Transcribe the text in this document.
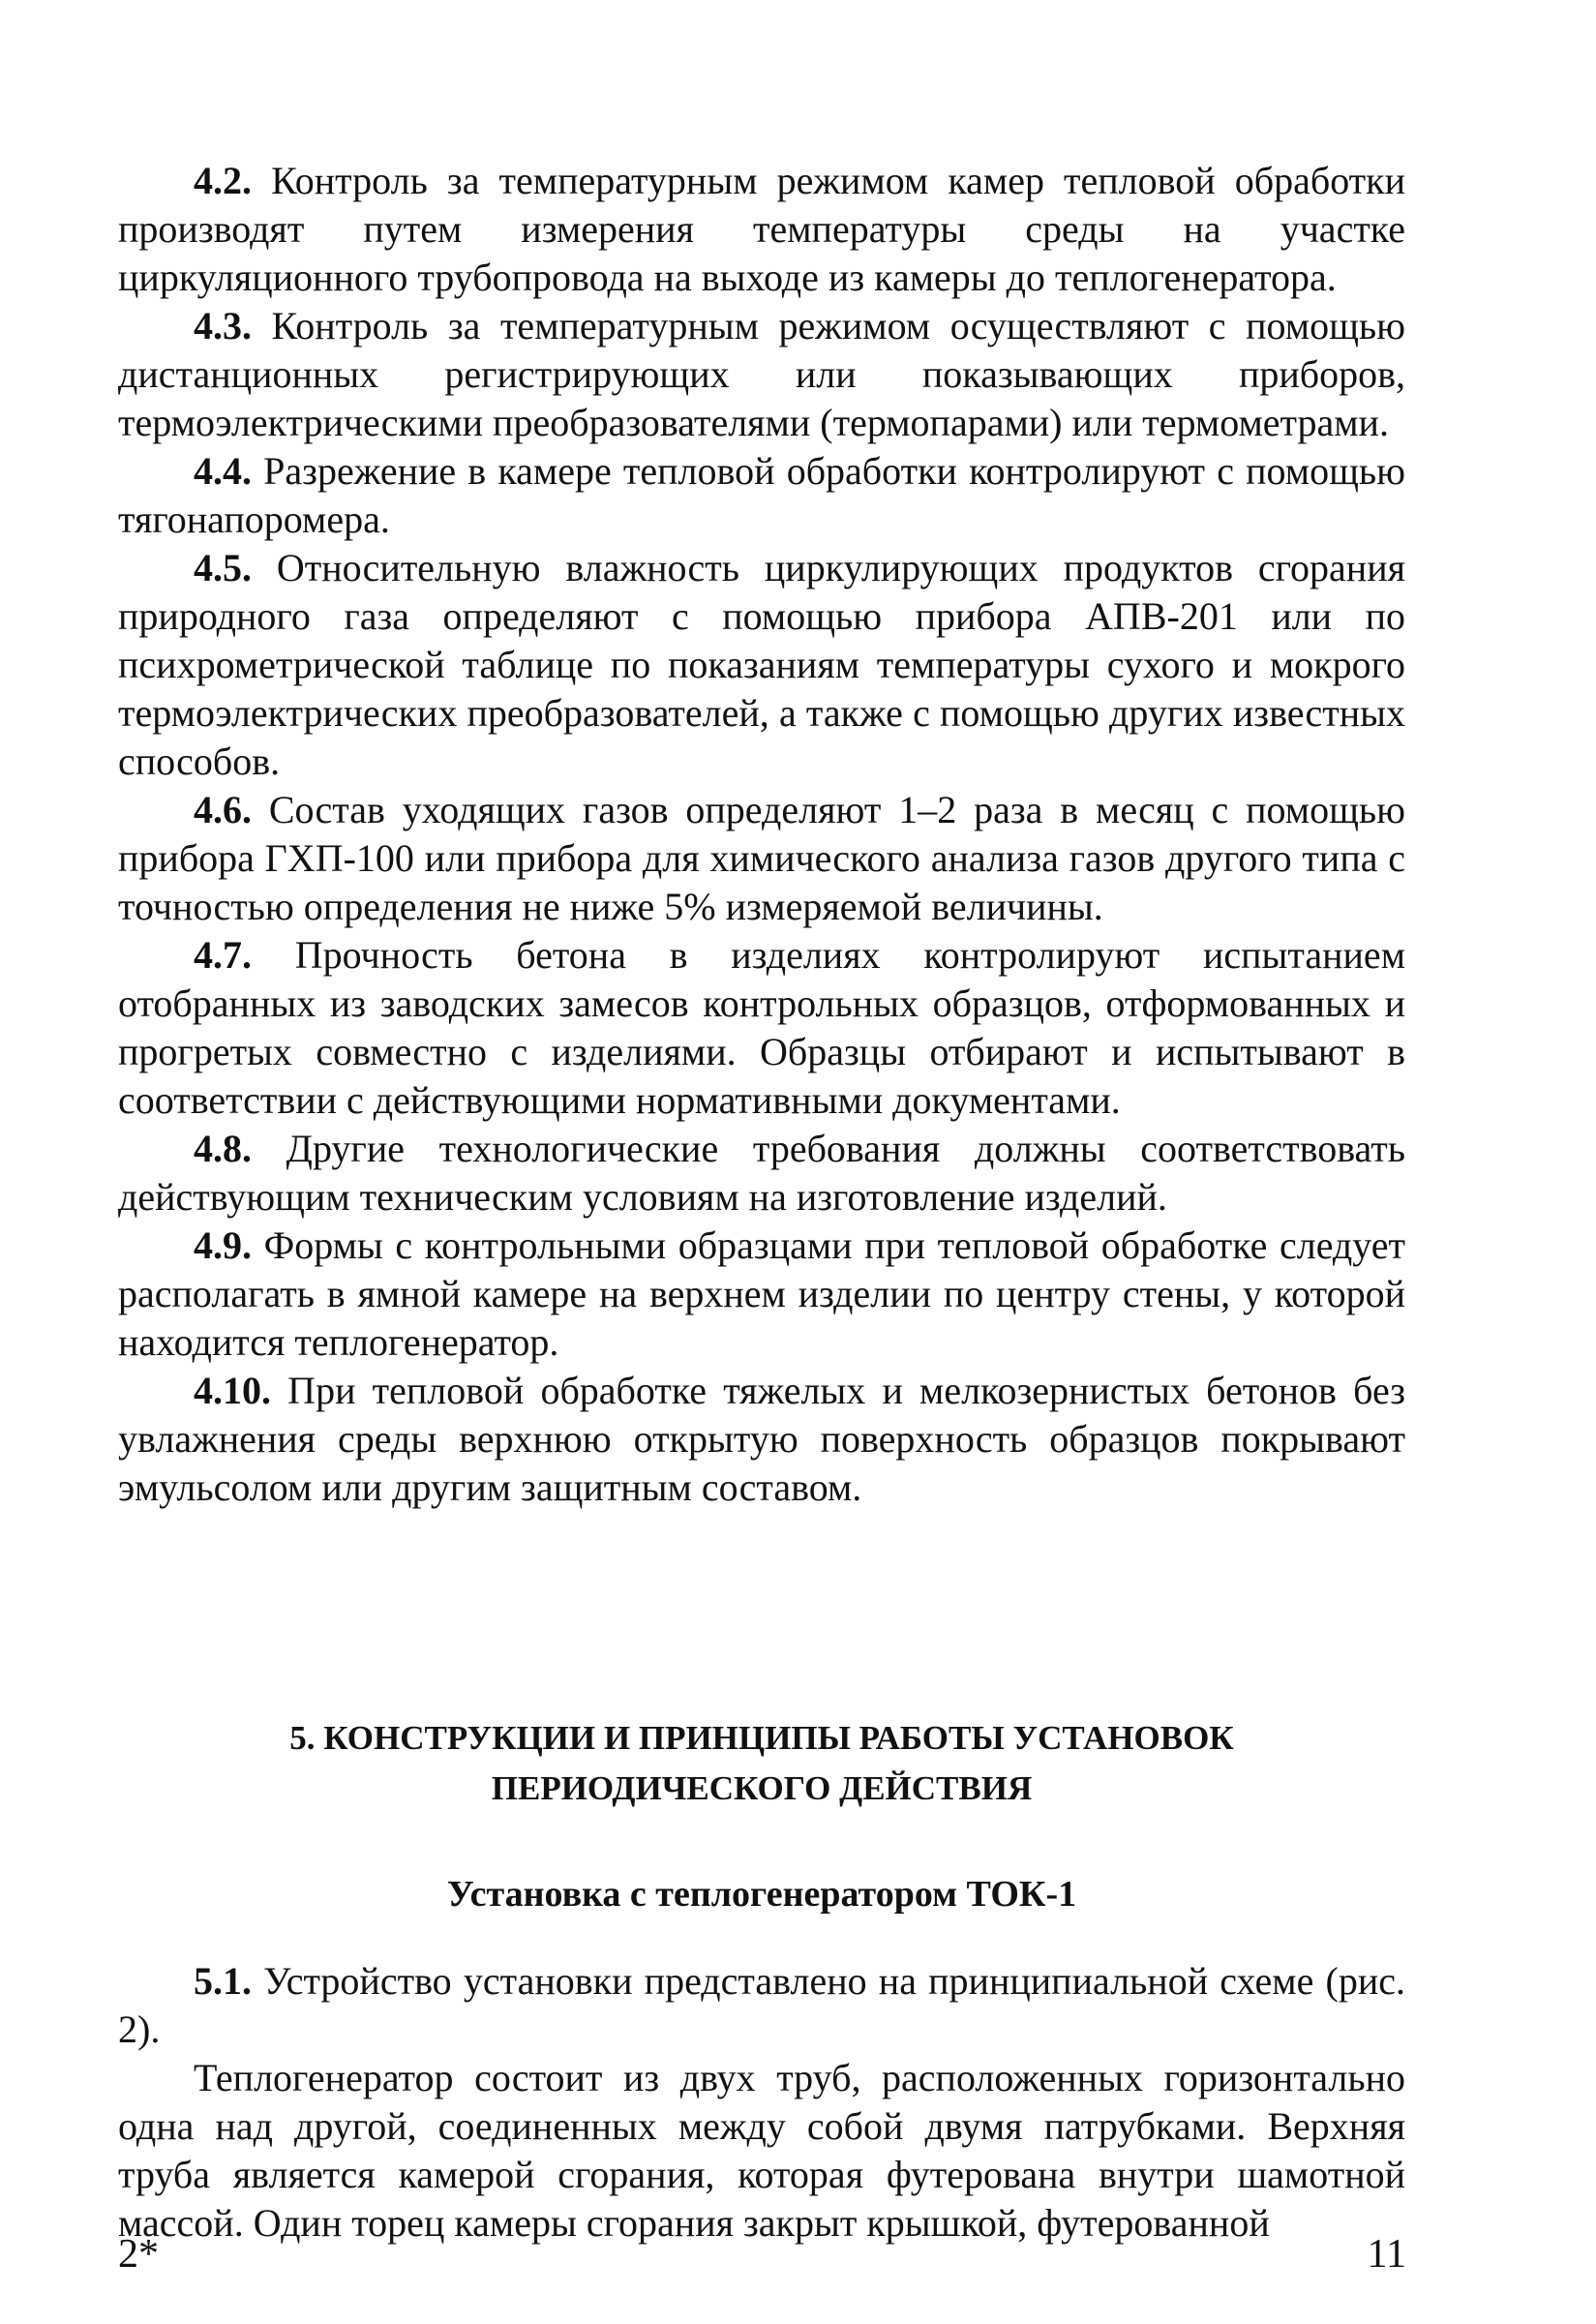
4.2. Контроль за температурным режимом камер тепловой обработки производят путем измерения температуры среды на участке циркуляционного трубопровода на выходе из камеры до теплогенератора.

4.3. Контроль за температурным режимом осуществляют с помощью дистанционных регистрирующих или показывающих приборов, термоэлектрическими преобразователями (термопарами) или термометрами.

4.4. Разрежение в камере тепловой обработки контролируют с помощью тягонапоромера.

4.5. Относительную влажность циркулирующих продуктов сгорания природного газа определяют с помощью прибора АПВ-201 или по психрометрической таблице по показаниям температуры сухого и мокрого термоэлектрических преобразователей, а также с помощью других известных способов.

4.6. Состав уходящих газов определяют 1–2 раза в месяц с помощью прибора ГХП-100 или прибора для химического анализа газов другого типа с точностью определения не ниже 5% измеряемой величины.

4.7. Прочность бетона в изделиях контролируют испытанием отобранных из заводских замесов контрольных образцов, отформованных и прогретых совместно с изделиями. Образцы отбирают и испытывают в соответствии с действующими нормативными документами.

4.8. Другие технологические требования должны соответствовать действующим техническим условиям на изготовление изделий.

4.9. Формы с контрольными образцами при тепловой обработке следует располагать в ямной камере на верхнем изделии по центру стены, у которой находится теплогенератор.

4.10. При тепловой обработке тяжелых и мелкозернистых бетонов без увлажнения среды верхнюю открытую поверхность образцов покрывают эмульсолом или другим защитным составом.

5. КОНСТРУКЦИИ И ПРИНЦИПЫ РАБОТЫ УСТАНОВОК
ПЕРИОДИЧЕСКОГО ДЕЙСТВИЯ
Установка с теплогенератором ТОК-1

5.1. Устройство установки представлено на принципиальной схеме (рис. 2).

Теплогенератор состоит из двух труб, расположенных горизонтально одна над другой, соединенных между собой двумя патрубками. Верхняя труба является камерой сгорания, которая футерована внутри шамотной массой. Один торец камеры сгорания закрыт крышкой, футерованной

2*	11
